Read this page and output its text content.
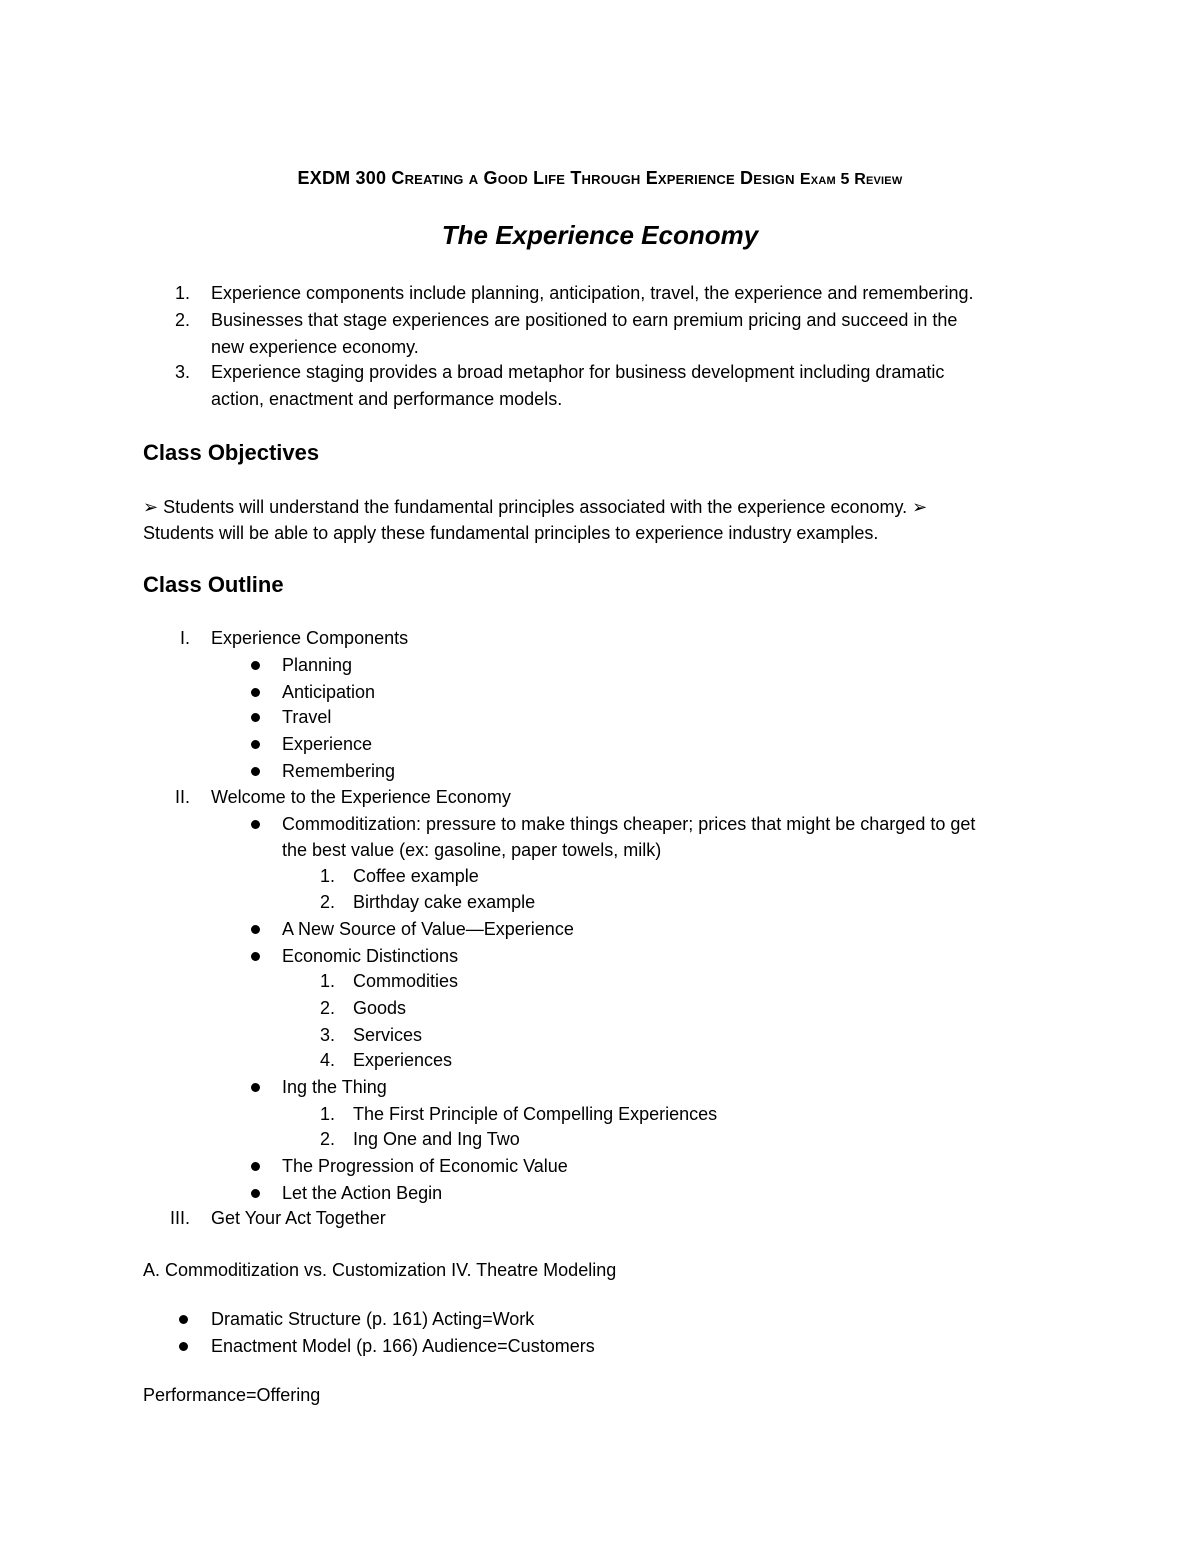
EXDM 300 Creating a Good Life Through Experience Design Exam 5 Review
The Experience Economy
1. Experience components include planning, anticipation, travel, the experience and remembering.
2. Businesses that stage experiences are positioned to earn premium pricing and succeed in the
new experience economy.
3. Experience staging provides a broad metaphor for business development including dramatic
action, enactment and performance models.
Class Objectives
➢ Students will understand the fundamental principles associated with the experience economy. ➢
Students will be able to apply these fundamental principles to experience industry examples.
Class Outline
I. Experience Components
Planning
Anticipation
Travel
Experience
Remembering
II. Welcome to the Experience Economy
Commoditization: pressure to make things cheaper; prices that might be charged to get
the best value (ex: gasoline, paper towels, milk)
1. Coffee example
2. Birthday cake example
A New Source of Value—Experience
Economic Distinctions
1. Commodities
2. Goods
3. Services
4. Experiences
Ing the Thing
1. The First Principle of Compelling Experiences
2. Ing One and Ing Two
The Progression of Economic Value
Let the Action Begin
III. Get Your Act Together
A. Commoditization vs. Customization IV. Theatre Modeling
Dramatic Structure (p. 161) Acting=Work
Enactment Model (p. 166) Audience=Customers
Performance=Offering
